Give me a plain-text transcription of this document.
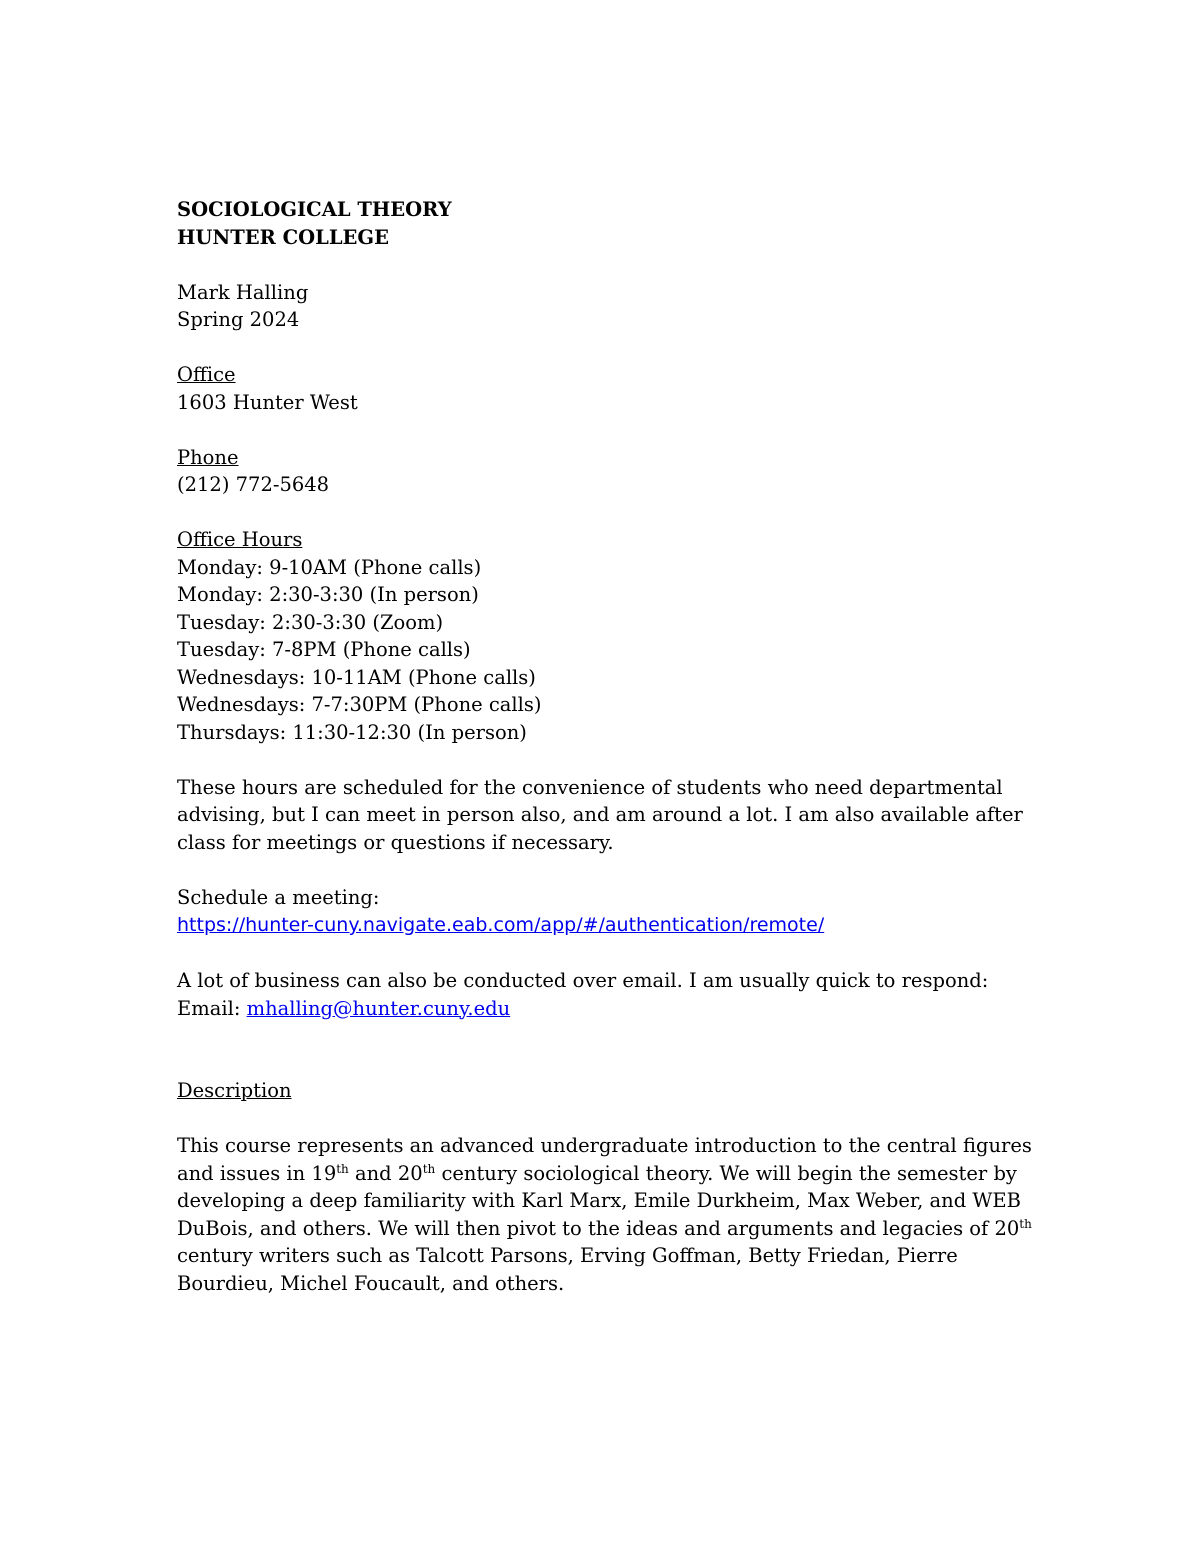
SOCIOLOGICAL THEORY
HUNTER COLLEGE
Mark Halling
Spring 2024
Office
1603 Hunter West
Phone
(212) 772-5648
Office Hours
Monday: 9-10AM (Phone calls)
Monday: 2:30-3:30 (In person)
Tuesday: 2:30-3:30 (Zoom)
Tuesday: 7-8PM (Phone calls)
Wednesdays: 10-11AM (Phone calls)
Wednesdays: 7-7:30PM (Phone calls)
Thursdays: 11:30-12:30 (In person)
These hours are scheduled for the convenience of students who need departmental advising, but I can meet in person also, and am around a lot. I am also available after class for meetings or questions if necessary.
Schedule a meeting:
https://hunter-cuny.navigate.eab.com/app/#/authentication/remote/
A lot of business can also be conducted over email. I am usually quick to respond:
Email: mhalling@hunter.cuny.edu
Description
This course represents an advanced undergraduate introduction to the central figures and issues in 19th and 20th century sociological theory. We will begin the semester by developing a deep familiarity with Karl Marx, Emile Durkheim, Max Weber, and WEB DuBois, and others. We will then pivot to the ideas and arguments and legacies of 20th century writers such as Talcott Parsons, Erving Goffman, Betty Friedan, Pierre Bourdieu, Michel Foucault, and others.
